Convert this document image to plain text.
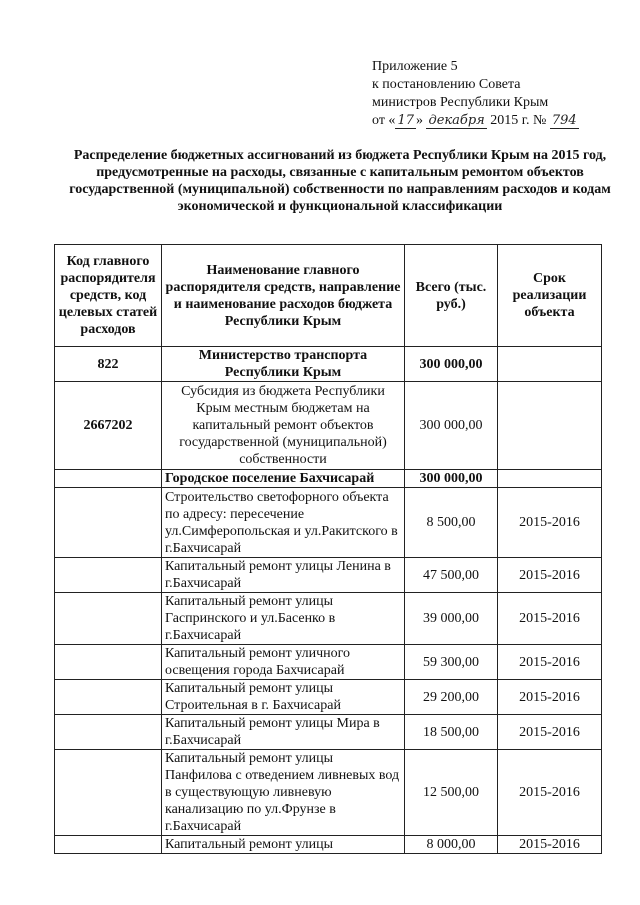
Приложение 5
к постановлению Совета
министров Республики Крым
от « 17 » декабря 2015 г. № 794
Распределение бюджетных ассигнований из бюджета Республики Крым на 2015 год, предусмотренные на расходы, связанные с капитальным ремонтом объектов государственной (муниципальной) собственности по направлениям расходов и кодам экономической и функциональной классификации
Код главного распорядителя средств, код целевых статей расходов	Наименование главного распорядителя средств, направление и наименование расходов бюджета Республики Крым	Всего (тыс. руб.)	Срок реализации объекта
822	Министерство транспорта Республики Крым	300 000,00	
2667202	Субсидия из бюджета Республики Крым местным бюджетам на капитальный ремонт объектов государственной (муниципальной) собственности	300 000,00	
	Городское поселение Бахчисарай	300 000,00	
	Строительство светофорного объекта по адресу: пересечение ул.Симферопольская и ул.Ракитского в г.Бахчисарай	8 500,00	2015-2016
	Капитальный ремонт улицы Ленина в г.Бахчисарай	47 500,00	2015-2016
	Капитальный ремонт улицы Гаспринского и ул.Басенко в г.Бахчисарай	39 000,00	2015-2016
	Капитальный ремонт уличного освещения города Бахчисарай	59 300,00	2015-2016
	Капитальный ремонт улицы Строительная в г. Бахчисарай	29 200,00	2015-2016
	Капитальный ремонт улицы Мира в г.Бахчисарай	18 500,00	2015-2016
	Капитальный ремонт улицы Панфилова с отведением ливневых вод в существующую ливневую канализацию по ул.Фрунзе в г.Бахчисарай	12 500,00	2015-2016
	Капитальный ремонт улицы	8 000,00	2015-2016
